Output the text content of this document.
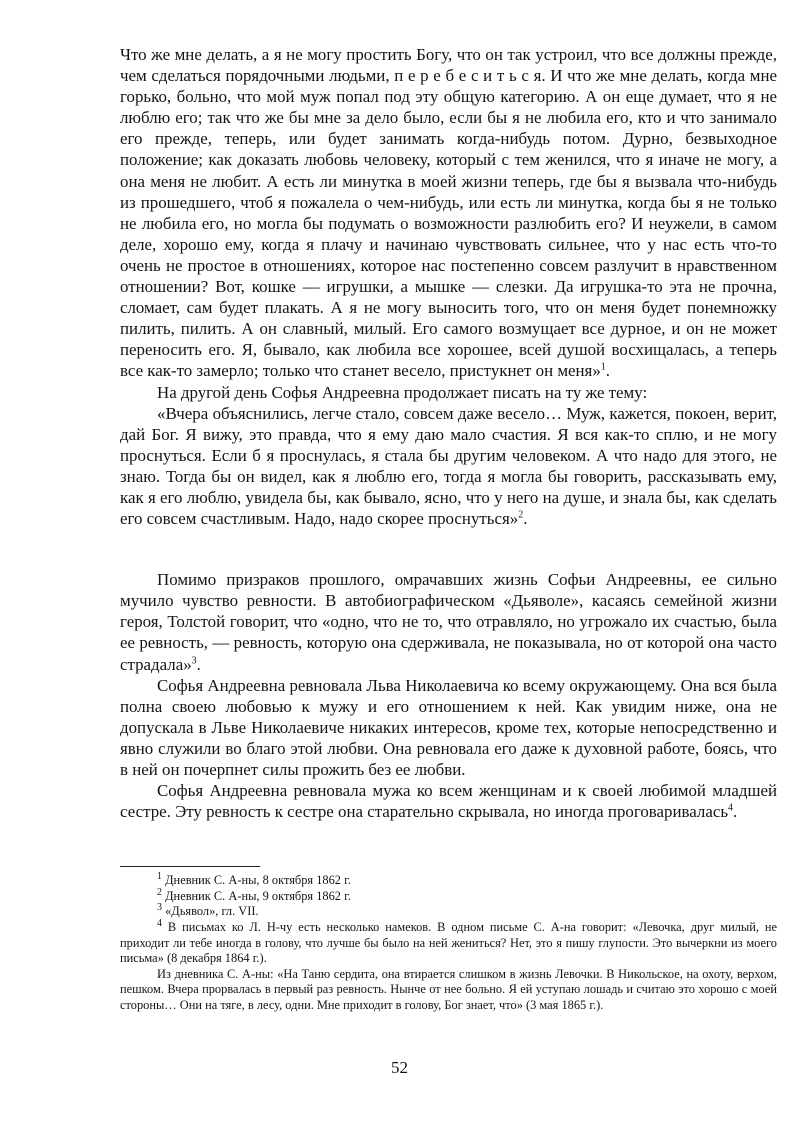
Что же мне делать, а я не могу простить Богу, что он так устроил, что все должны прежде, чем сделаться порядочными людьми, п е р е б е с и т ь с я. И что же мне делать, когда мне горько, больно, что мой муж попал под эту общую категорию. А он еще думает, что я не люблю его; так что же бы мне за дело было, если бы я не любила его, кто и что занимало его прежде, теперь, или будет занимать когда-нибудь потом. Дурно, безвыходное положение; как доказать любовь человеку, который с тем женился, что я иначе не могу, а она меня не любит. А есть ли минутка в моей жизни теперь, где бы я вызвала что-нибудь из прошедшего, чтоб я пожалела о чем-нибудь, или есть ли минутка, когда бы я не только не любила его, но могла бы подумать о возможности разлюбить его? И неужели, в самом деле, хорошо ему, когда я плачу и начинаю чувствовать сильнее, что у нас есть что-то очень не простое в отношениях, которое нас постепенно совсем разлучит в нравственном отношении? Вот, кошке — игрушки, а мышке — слезки. Да игрушка-то эта не прочна, сломает, сам будет плакать. А я не могу выносить того, что он меня будет понемножку пилить, пилить. А он славный, милый. Его самого возмущает все дурное, и он не может переносить его. Я, бывало, как любила все хорошее, всей душой восхищалась, а теперь все как-то замерло; только что станет весело, пристукнет он меня»$^1$.

На другой день Софья Андреевна продолжает писать на ту же тему:

«Вчера объяснились, легче стало, совсем даже весело… Муж, кажется, покоен, верит, дай Бог. Я вижу, это правда, что я ему даю мало счастия. Я вся как-то сплю, и не могу проснуться. Если б я проснулась, я стала бы другим человеком. А что надо для этого, не знаю. Тогда бы он видел, как я люблю его, тогда я могла бы говорить, рассказывать ему, как я его люблю, увидела бы, как бывало, ясно, что у него на душе, и знала бы, как сделать его совсем счастливым. Надо, надо скорее проснуться»$^2$.

Помимо призраков прошлого, омрачавших жизнь Софьи Андреевны, ее сильно мучило чувство ревности. В автобиографическом «Дьяволе», касаясь семейной жизни героя, Толстой говорит, что «одно, что не то, что отравляло, но угрожало их счастью, была ее ревность, — ревность, которую она сдерживала, не показывала, но от которой она часто страдала»$^3$.

Софья Андреевна ревновала Льва Николаевича ко всему окружающему. Она вся была полна своею любовью к мужу и его отношением к ней. Как увидим ниже, она не допускала в Льве Николаевиче никаких интересов, кроме тех, которые непосредственно и явно служили во благо этой любви. Она ревновала его даже к духовной работе, боясь, что в ней он почерпнет силы прожить без ее любви.

Софья Андреевна ревновала мужа ко всем женщинам и к своей любимой младшей сестре. Эту ревность к сестре она старательно скрывала, но иногда проговаривалась$^4$.

$^1$ Дневник С. А-ны, 8 октября 1862 г.

$^2$ Дневник С. А-ны, 9 октября 1862 г.

$^3$ «Дьявол», гл. VII.

$^4$ В письмах ко Л. Н-чу есть несколько намеков. В одном письме С. А-на говорит: «Левочка, друг милый, не приходит ли тебе иногда в голову, что лучше бы было на ней жениться? Нет, это я пишу глупости. Это вычеркни из моего письма» (8 декабря 1864 г.).

Из дневника С. А-ны: «На Таню сердита, она втирается слишком в жизнь Левочки. В Никольское, на охоту, верхом, пешком. Вчера прорвалась в первый раз ревность. Нынче от нее больно. Я ей уступаю лошадь и считаю это хорошо с моей стороны… Они на тяге, в лесу, одни. Мне приходит в голову, Бог знает, что» (3 мая 1865 г.).

52
